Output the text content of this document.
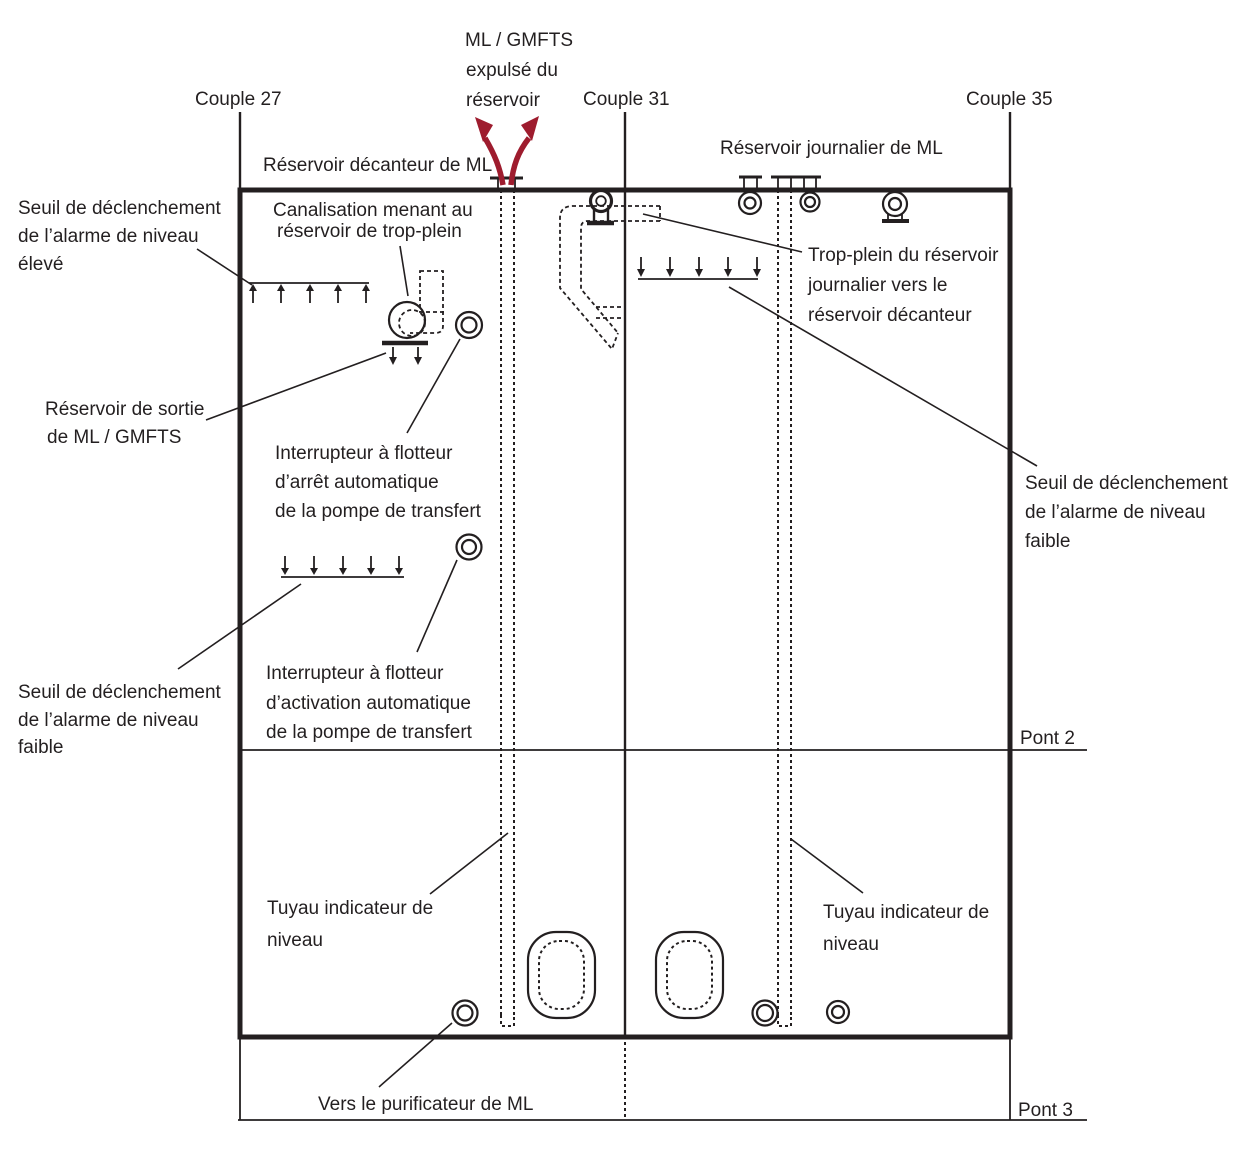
ML / GMFTS
expulsé du
réservoir
Couple 27	Couple 31	Couple 35
Réservoir décanteur de ML
Réservoir journalier de ML
Seuil de déclenchement
de l’alarme de niveau
élevé
Canalisation menant au
réservoir de trop-plein
Trop-plein du réservoir
journalier vers le
réservoir décanteur
Réservoir de sortie
de ML / GMFTS
Interrupteur à flotteur
d’arrêt automatique
de la pompe de transfert
Seuil de déclenchement
de l’alarme de niveau
faible
Seuil de déclenchement
de l’alarme de niveau
faible
Interrupteur à flotteur
d’activation automatique
de la pompe de transfert
Tuyau indicateur de
niveau
Tuyau indicateur de
niveau
Pont 2
Pont 3
Vers le purificateur de ML
